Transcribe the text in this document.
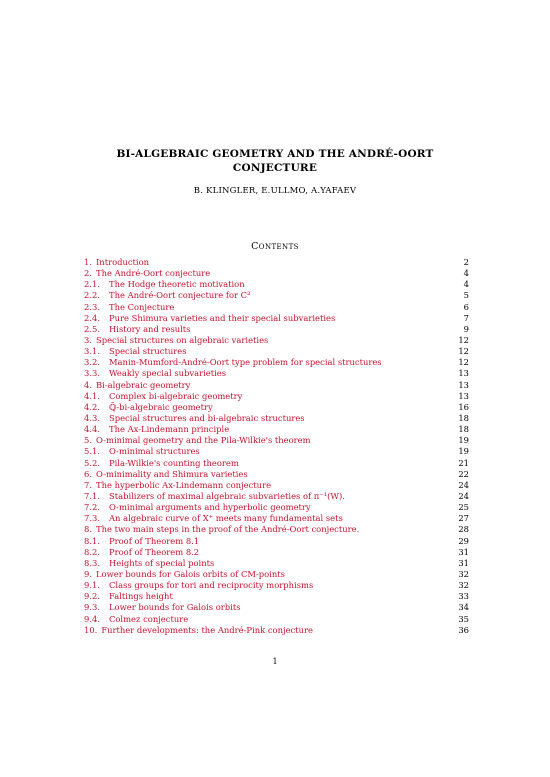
BI-ALGEBRAIC GEOMETRY AND THE ANDRÉ-OORT
CONJECTURE
B. KLINGLER, E.ULLMO, A.YAFAEV
Contents
1. Introduction	2
2. The André-Oort conjecture	4
2.1. The Hodge theoretic motivation	4
2.2. The André-Oort conjecture for C²	5
2.3. The Conjecture	6
2.4. Pure Shimura varieties and their special subvarieties	7
2.5. History and results	9
3. Special structures on algebraic varieties	12
3.1. Special structures	12
3.2. Manin-Mumford-André-Oort type problem for special structures	12
3.3. Weakly special subvarieties	13
4. Bi-algebraic geometry	13
4.1. Complex bi-algebraic geometry	13
4.2. ℚ̄-bi-algebraic geometry	16
4.3. Special structures and bi-algebraic structures	18
4.4. The Ax-Lindemann principle	18
5. O-minimal geometry and the Pila-Wilkie's theorem	19
5.1. O-minimal structures	19
5.2. Pila-Wilkie's counting theorem	21
6. O-minimality and Shimura varieties	22
7. The hyperbolic Ax-Lindemann conjecture	24
7.1. Stabilizers of maximal algebraic subvarieties of π⁻¹(W).	24
7.2. O-minimal arguments and hyperbolic geometry	25
7.3. An algebraic curve of X⁺ meets many fundamental sets	27
8. The two main steps in the proof of the André-Oort conjecture.	28
8.1. Proof of Theorem 8.1	29
8.2. Proof of Theorem 8.2	31
8.3. Heights of special points	31
9. Lower bounds for Galois orbits of CM-points	32
9.1. Class groups for tori and reciprocity morphisms	32
9.2. Faltings height	33
9.3. Lower bounds for Galois orbits	34
9.4. Colmez conjecture	35
10. Further developments: the André-Pink conjecture	36
1
